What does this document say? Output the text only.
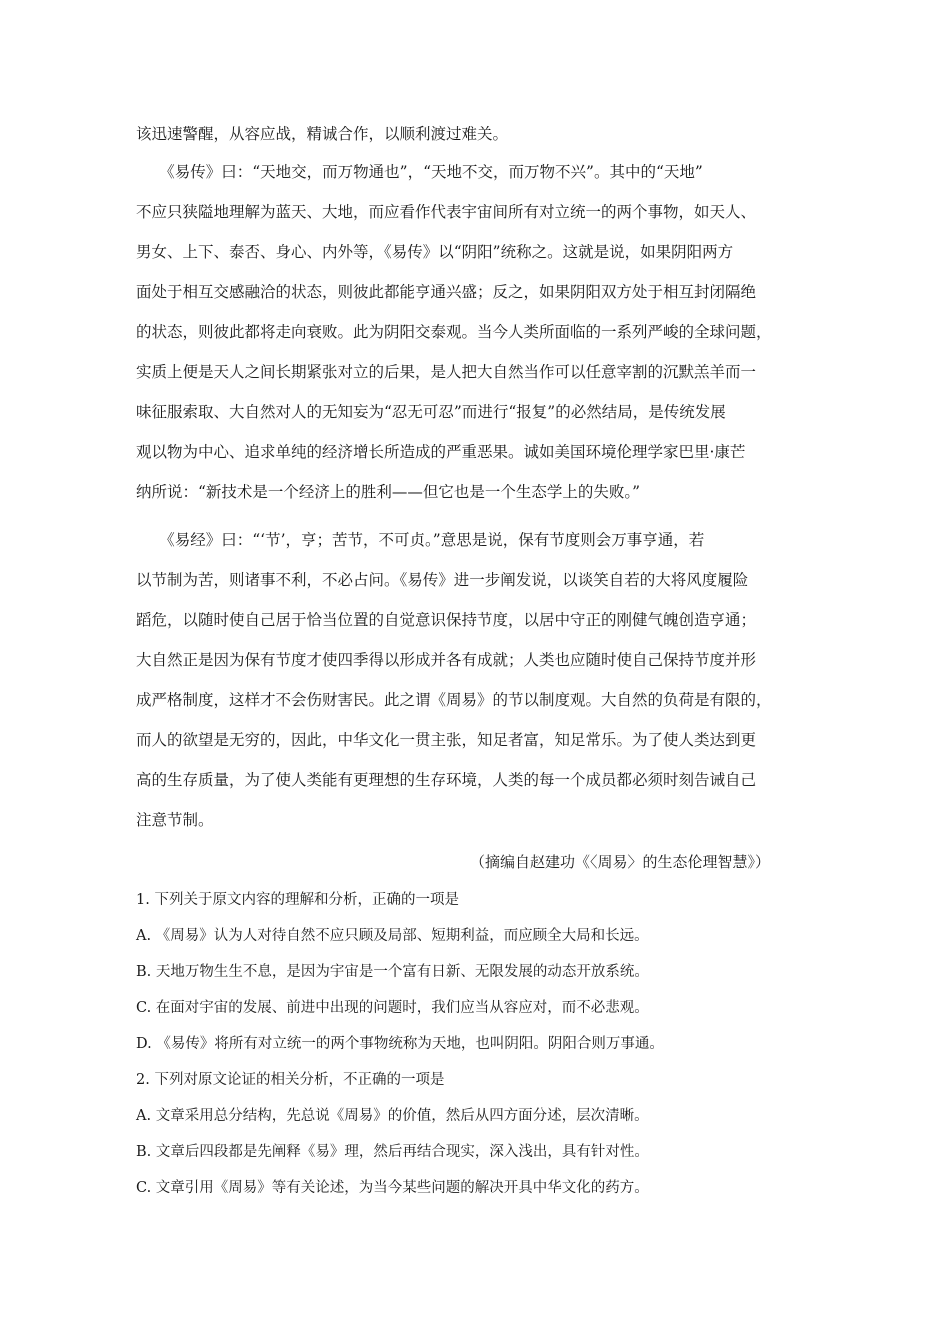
该迅速警醒，从容应战，精诚合作，以顺利渡过难关。
　　《易传》曰：“天地交，而万物通也”，“天地不交，而万物不兴”。其中的“天地”
不应只狭隘地理解为蓝天、大地，而应看作代表宇宙间所有对立统一的两个事物，如天人、
男女、上下、泰否、身心、内外等，《易传》以“阴阳”统称之。这就是说，如果阴阳两方
面处于相互交感融洽的状态，则彼此都能亨通兴盛；反之，如果阴阳双方处于相互封闭隔绝
的状态，则彼此都将走向衰败。此为阴阳交泰观。当今人类所面临的一系列严峻的全球问题，
实质上便是天人之间长期紧张对立的后果，是人把大自然当作可以任意宰割的沉默羔羊而一
味征服索取、大自然对人的无知妄为“忍无可忍”而进行“报复”的必然结局，是传统发展
观以物为中心、追求单纯的经济增长所造成的严重恶果。诚如美国环境伦理学家巴里·康芒
纳所说：“新技术是一个经济上的胜利——但它也是一个生态学上的失败。”
　　《易经》曰：“‘节’，亨；苦节，不可贞。”意思是说，保有节度则会万事亨通，若
以节制为苦，则诸事不利，不必占问。《易传》进一步阐发说，以谈笑自若的大将风度履险
蹈危，以随时使自己居于恰当位置的自觉意识保持节度，以居中守正的刚健气魄创造亨通；
大自然正是因为保有节度才使四季得以形成并各有成就；人类也应随时使自己保持节度并形
成严格制度，这样才不会伤财害民。此之谓《周易》的节以制度观。大自然的负荷是有限的，
而人的欲望是无穷的，因此，中华文化一贯主张，知足者富，知足常乐。为了使人类达到更
高的生存质量，为了使人类能有更理想的生存环境，人类的每一个成员都必须时刻告诫自己
注意节制。
（摘编自赵建功《〈周易〉的生态伦理智慧》）
1. 下列关于原文内容的理解和分析，正确的一项是
A. 《周易》认为人对待自然不应只顾及局部、短期利益，而应顾全大局和长远。
B. 天地万物生生不息，是因为宇宙是一个富有日新、无限发展的动态开放系统。
C. 在面对宇宙的发展、前进中出现的问题时，我们应当从容应对，而不必悲观。
D. 《易传》将所有对立统一的两个事物统称为天地，也叫阴阳。阴阳合则万事通。
2. 下列对原文论证的相关分析，不正确的一项是
A. 文章采用总分结构，先总说《周易》的价值，然后从四方面分述，层次清晰。
B. 文章后四段都是先阐释《易》理，然后再结合现实，深入浅出，具有针对性。
C. 文章引用《周易》等有关论述，为当今某些问题的解决开具中华文化的药方。
